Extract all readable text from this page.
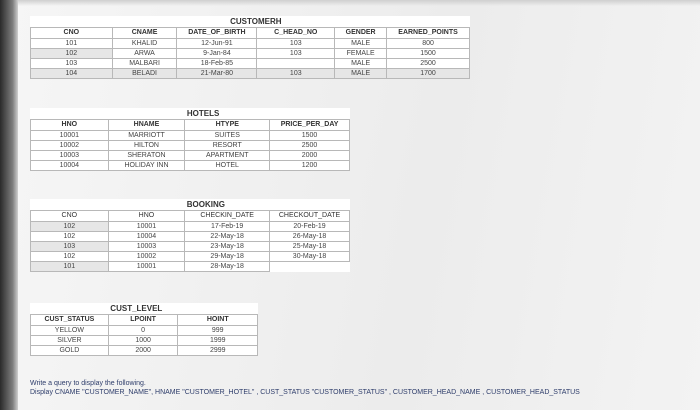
		CUSTOMERH			
CNO	CNAME	DATE_OF_BIRTH	C_HEAD_NO	GENDER	EARNED_POINTS
101	KHALID	12-Jun-91	103	MALE	800
102	ARWA	9-Jan-84	103	FEMALE	1500
103	MALBARI	18-Feb-85		MALE	2500
104	BELADI	21-Mar-80	103	MALE	1700
		HOTELS	
HNO	HNAME	HTYPE	PRICE_PER_DAY
10001	MARRIOTT	SUITES	1500
10002	HILTON	RESORT	2500
10003	SHERATON	APARTMENT	2000
10004	HOLIDAY INN	HOTEL	1200
		BOOKING	
CNO	HNO	CHECKIN_DATE	CHECKOUT_DATE
102	10001	17-Feb-19	20-Feb-19
102	10004	22-May-18	26-May-18
103	10003	23-May-18	25-May-18
102	10002	29-May-18	30-May-18
101	10001	28-May-18	
	CUST_LEVEL	
CUST_STATUS	LPOINT	HOINT
YELLOW	0	999
SILVER	1000	1999
GOLD	2000	2999
Write a query to display the following.
Display CNAME "CUSTOMER_NAME", HNAME "CUSTOMER_HOTEL" , CUST_STATUS "CUSTOMER_STATUS" , CUSTOMER_HEAD_NAME , CUSTOMER_HEAD_STATUS
